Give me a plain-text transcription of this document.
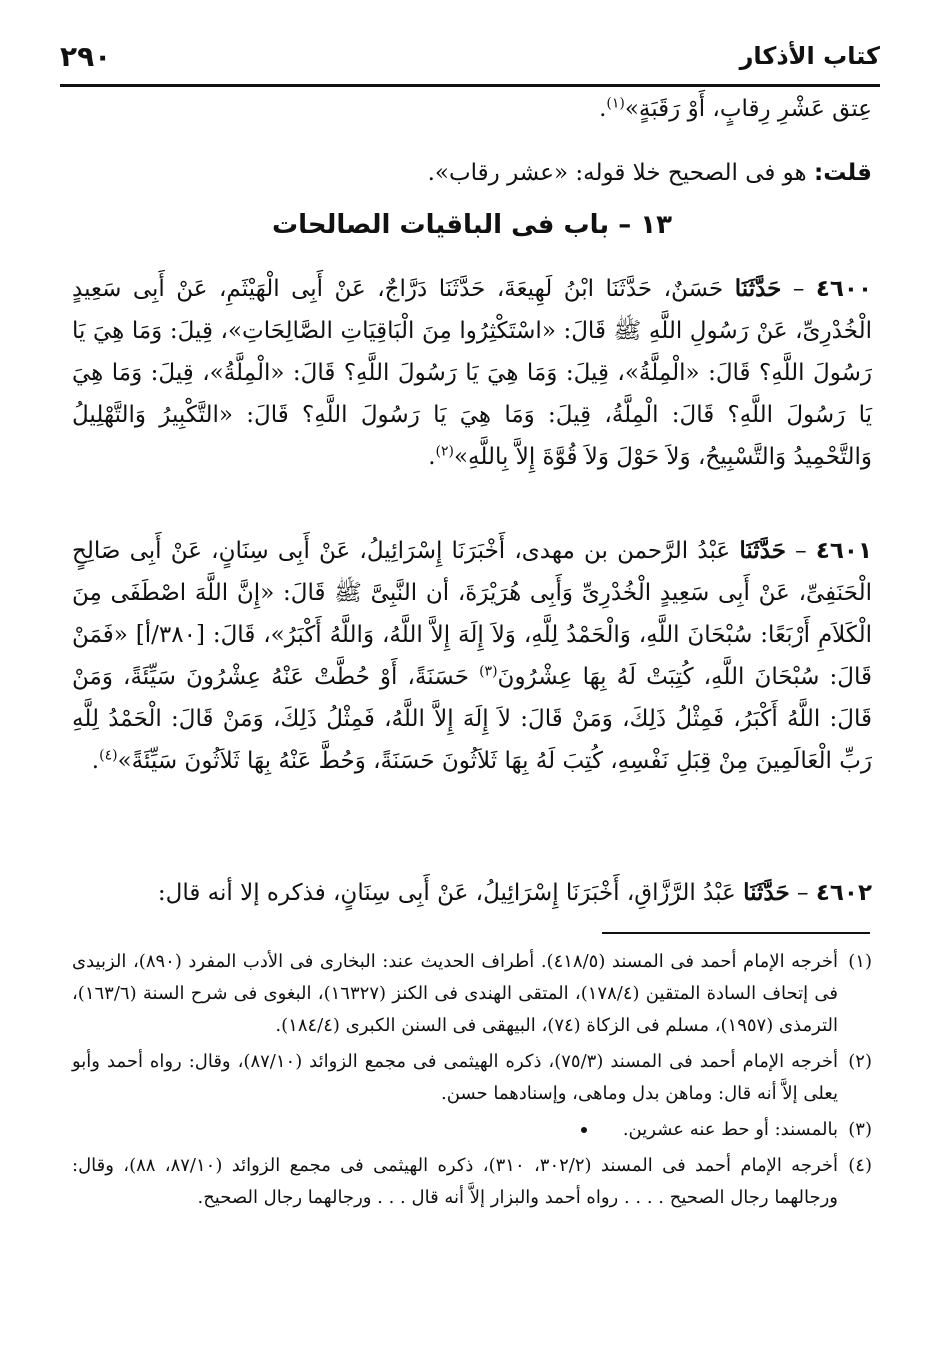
كتاب الأذكار
٢٩٠
عِتق عَشْرِ رِقابٍ، أَوْ رَقَبَةٍ»$^{(١)}$.
قلت: هو فى الصحيح خلا قوله: «عشر رقاب».
١٣ – باب فى الباقيات الصالحات

٤٦٠٠ – حَدَّثَنَا حَسَنٌ، حَدَّثَنَا ابْنُ لَهِيعَةَ، حَدَّثَنَا دَرَّاجٌ، عَنْ أَبِى الْهَيْثَمِ، عَنْ أَبِى سَعِيدٍ الْخُدْرِىِّ، عَنْ رَسُولِ اللَّهِ ﷺ قَالَ: «اسْتَكْثِرُوا مِنَ الْبَاقِيَاتِ الصَّالِحَاتِ»، قِيلَ: وَمَا هِيَ يَا رَسُولَ اللَّهِ؟ قَالَ: «الْمِلَّةُ»، قِيلَ: وَمَا هِيَ يَا رَسُولَ اللَّهِ؟ قَالَ: «الْمِلَّةُ»، قِيلَ: وَمَا هِيَ يَا رَسُولَ اللَّهِ؟ قَالَ: الْمِلَّةُ، قِيلَ: وَمَا هِيَ يَا رَسُولَ اللَّهِ؟ قَالَ: «التَّكْبِيرُ وَالتَّهْلِيلُ وَالتَّحْمِيدُ وَالتَّسْبِيحُ، وَلاَ حَوْلَ وَلاَ قُوَّةَ إِلاَّ بِاللَّهِ»$^{(٢)}$.

٤٦٠١ – حَدَّثَنَا عَبْدُ الرَّحمن بن مهدى، أَخْبَرَنَا إِسْرَائِيلُ، عَنْ أَبِى سِنَانٍ، عَنْ أَبِى صَالِحٍ الْحَنَفِىِّ، عَنْ أَبِى سَعِيدٍ الْخُدْرِىِّ وَأَبِى هُرَيْرَةَ، أن النَّبِىَّ ﷺ قَالَ: «إِنَّ اللَّهَ اصْطَفَى مِنَ الْكَلاَمِ أَرْبَعًا: سُبْحَانَ اللَّهِ، وَالْحَمْدُ لِلَّهِ، وَلاَ إِلَهَ إِلاَّ اللَّهُ، وَاللَّهُ أَكْبَرُ»، قَالَ: [٣٨٠/أ] «فَمَنْ قَالَ: سُبْحَانَ اللَّهِ، كُتِبَتْ لَهُ بِهَا عِشْرُونَ$^{(٣)}$ حَسَنَةً، أَوْ حُطَّتْ عَنْهُ عِشْرُونَ سَيِّئَةً، وَمَنْ قَالَ: اللَّهُ أَكْبَرُ، فَمِثْلُ ذَلِكَ، وَمَنْ قَالَ: لاَ إِلَهَ إِلاَّ اللَّهُ، فَمِثْلُ ذَلِكَ، وَمَنْ قَالَ: الْحَمْدُ لِلَّهِ رَبِّ الْعَالَمِينَ مِنْ قِبَلِ نَفْسِهِ، كُتِبَ لَهُ بِهَا ثَلاَثُونَ حَسَنَةً، وَحُطَّ عَنْهُ بِهَا ثَلاَثُونَ سَيِّئَةً»$^{(٤)}$.

٤٦٠٢ – حَدَّثَنَا عَبْدُ الرَّزَّاقِ، أَخْبَرَنَا إِسْرَائِيلُ، عَنْ أَبِى سِنَانٍ، فذكره إلا أنه قال:

(١)
أخرجه الإمام أحمد فى المسند (٤١٨/٥). أطراف الحديث عند: البخارى فى الأدب المفرد (٨٩٠)، الزبيدى فى إتحاف السادة المتقين (١٧٨/٤)، المتقى الهندى فى الكنز (١٦٣٢٧)، البغوى فى شرح السنة (١٦٣/٦)، الترمذى (١٩٥٧)، مسلم فى الزكاة (٧٤)، البيهقى فى السنن الكبرى (١٨٤/٤).
(٢)
أخرجه الإمام أحمد فى المسند (٧٥/٣)، ذكره الهيثمى فى مجمع الزوائد (٨٧/١٠)، وقال: رواه أحمد وأبو يعلى إلاَّ أنه قال: وماهن بدل وماهى، وإسنادهما حسن.
(٣)
بالمسند: أو حط عنه عشرين.
(٤)
أخرجه الإمام أحمد فى المسند (٣٠٢/٢، ٣١٠)، ذكره الهيثمى فى مجمع الزوائد (٨٧/١٠، ٨٨)، وقال: ورجالهما رجال الصحيح . . . . رواه أحمد والبزار إلاَّ أنه قال . . . ورجالهما رجال الصحيح.
